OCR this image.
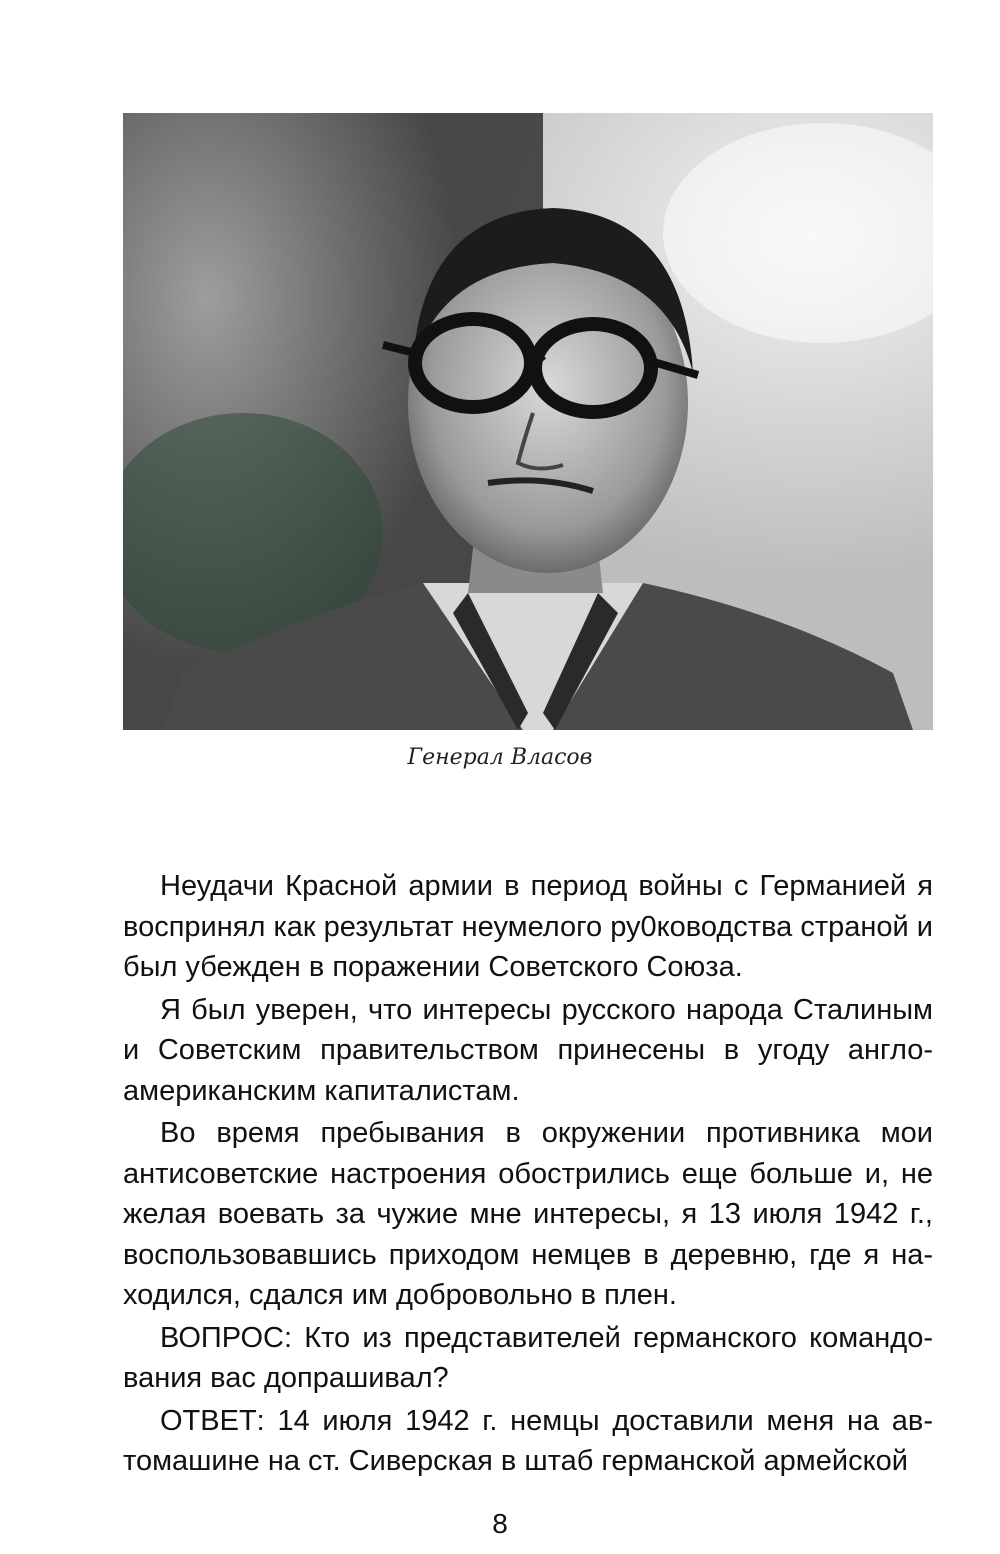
Генерал Власов

Неудачи Красной армии в период войны с Германией я воспринял как результат неумелого ру0ководства страной и был убежден в поражении Советского Союза.

Я был уверен, что интересы русского народа Сталиным и Советским правительством принесены в угоду англо-американским капиталистам.

Во время пребывания в окружении противника мои антисоветские настроения обострились еще больше и, не желая воевать за чужие мне интересы, я 13 июля 1942 г., воспользовавшись приходом немцев в деревню, где я на-ходился, сдался им добровольно в плен.

ВОПРОС: Кто из представителей германского командо-вания вас допрашивал?

ОТВЕТ: 14 июля 1942 г. немцы доставили меня на ав-томашине на ст. Сиверская в штаб германской армейской

8
